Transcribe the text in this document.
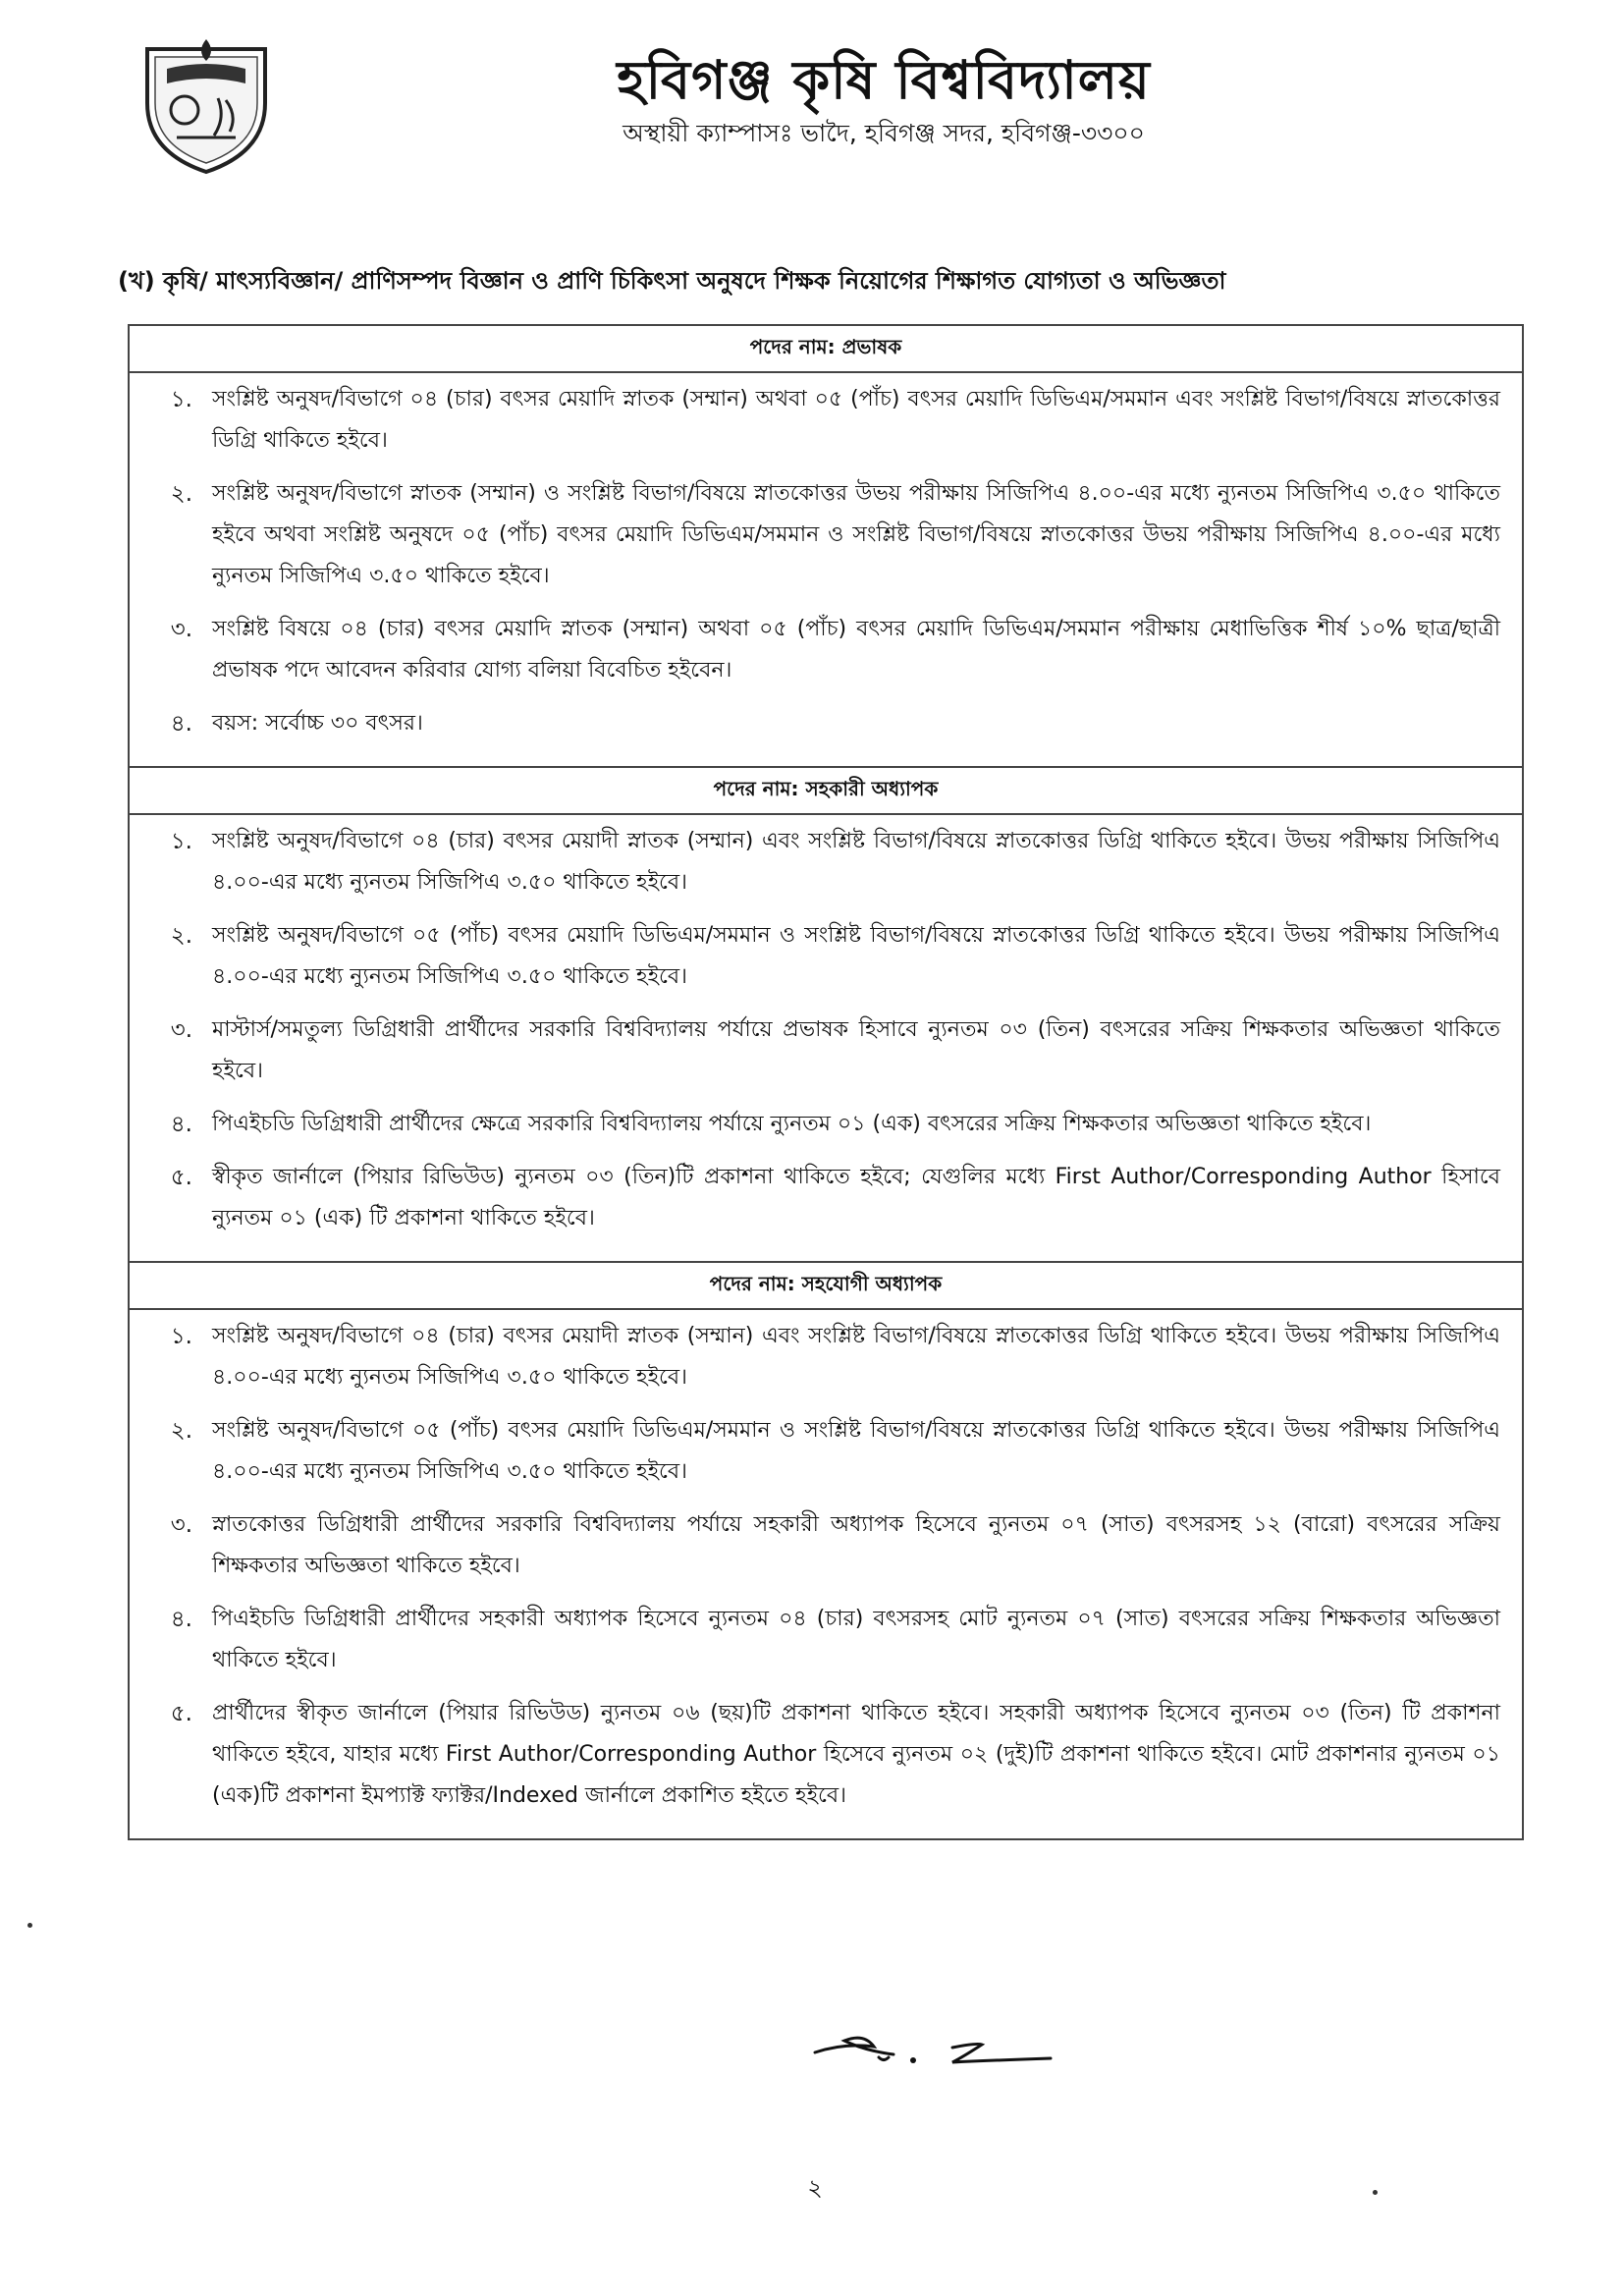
হবিগঞ্জ কৃষি বিশ্ববিদ্যালয়
অস্থায়ী ক্যাম্পাসঃ ভাদৈ, হবিগঞ্জ সদর, হবিগঞ্জ-৩৩০০
(খ) কৃষি/ মাৎস্যবিজ্ঞান/ প্রাণিসম্পদ বিজ্ঞান ও প্রাণি চিকিৎসা অনুষদে শিক্ষক নিয়োগের শিক্ষাগত যোগ্যতা ও অভিজ্ঞতা
পদের নাম: প্রভাষক
১. সংশ্লিষ্ট অনুষদ/বিভাগে ০৪ (চার) বৎসর মেয়াদি স্নাতক (সম্মান) অথবা ০৫ (পাঁচ) বৎসর মেয়াদি ডিভিএম/সমমান এবং সংশ্লিষ্ট বিভাগ/বিষয়ে স্নাতকোত্তর ডিগ্রি থাকিতে হইবে।
২. সংশ্লিষ্ট অনুষদ/বিভাগে স্নাতক (সম্মান) ও সংশ্লিষ্ট বিভাগ/বিষয়ে স্নাতকোত্তর উভয় পরীক্ষায় সিজিপিএ ৪.০০-এর মধ্যে ন্যুনতম সিজিপিএ ৩.৫০ থাকিতে হইবে অথবা সংশ্লিষ্ট অনুষদে ০৫ (পাঁচ) বৎসর মেয়াদি ডিভিএম/সমমান ও সংশ্লিষ্ট বিভাগ/বিষয়ে স্নাতকোত্তর উভয় পরীক্ষায় সিজিপিএ ৪.০০-এর মধ্যে ন্যুনতম সিজিপিএ ৩.৫০ থাকিতে হইবে।
৩. সংশ্লিষ্ট বিষয়ে ০৪ (চার) বৎসর মেয়াদি স্নাতক (সম্মান) অথবা ০৫ (পাঁচ) বৎসর মেয়াদি ডিভিএম/সমমান পরীক্ষায় মেধাভিত্তিক শীর্ষ ১০% ছাত্র/ছাত্রী প্রভাষক পদে আবেদন করিবার যোগ্য বলিয়া বিবেচিত হইবেন।
৪. বয়স: সর্বোচ্চ ৩০ বৎসর।
পদের নাম: সহকারী অধ্যাপক
১. সংশ্লিষ্ট অনুষদ/বিভাগে ০৪ (চার) বৎসর মেয়াদী স্নাতক (সম্মান) এবং সংশ্লিষ্ট বিভাগ/বিষয়ে স্নাতকোত্তর ডিগ্রি থাকিতে হইবে। উভয় পরীক্ষায় সিজিপিএ ৪.০০-এর মধ্যে ন্যুনতম সিজিপিএ ৩.৫০ থাকিতে হইবে।
২. সংশ্লিষ্ট অনুষদ/বিভাগে ০৫ (পাঁচ) বৎসর মেয়াদি ডিভিএম/সমমান ও সংশ্লিষ্ট বিভাগ/বিষয়ে স্নাতকোত্তর ডিগ্রি থাকিতে হইবে। উভয় পরীক্ষায় সিজিপিএ ৪.০০-এর মধ্যে ন্যুনতম সিজিপিএ ৩.৫০ থাকিতে হইবে।
৩. মাস্টার্স/সমতুল্য ডিগ্রিধারী প্রার্থীদের সরকারি বিশ্ববিদ্যালয় পর্যায়ে প্রভাষক হিসাবে ন্যুনতম ০৩ (তিন) বৎসরের সক্রিয় শিক্ষকতার অভিজ্ঞতা থাকিতে হইবে।
৪. পিএইচডি ডিগ্রিধারী প্রার্থীদের ক্ষেত্রে সরকারি বিশ্ববিদ্যালয় পর্যায়ে ন্যুনতম ০১ (এক) বৎসরের সক্রিয় শিক্ষকতার অভিজ্ঞতা থাকিতে হইবে।
৫. স্বীকৃত জার্নালে (পিয়ার রিভিউড) ন্যুনতম ০৩ (তিন)টি প্রকাশনা থাকিতে হইবে; যেগুলির মধ্যে First Author/Corresponding Author হিসাবে ন্যুনতম ০১ (এক) টি প্রকাশনা থাকিতে হইবে।
পদের নাম: সহযোগী অধ্যাপক
১. সংশ্লিষ্ট অনুষদ/বিভাগে ০৪ (চার) বৎসর মেয়াদী স্নাতক (সম্মান) এবং সংশ্লিষ্ট বিভাগ/বিষয়ে স্নাতকোত্তর ডিগ্রি থাকিতে হইবে। উভয় পরীক্ষায় সিজিপিএ ৪.০০-এর মধ্যে ন্যুনতম সিজিপিএ ৩.৫০ থাকিতে হইবে।
২. সংশ্লিষ্ট অনুষদ/বিভাগে ০৫ (পাঁচ) বৎসর মেয়াদি ডিভিএম/সমমান ও সংশ্লিষ্ট বিভাগ/বিষয়ে স্নাতকোত্তর ডিগ্রি থাকিতে হইবে। উভয় পরীক্ষায় সিজিপিএ ৪.০০-এর মধ্যে ন্যুনতম সিজিপিএ ৩.৫০ থাকিতে হইবে।
৩. স্নাতকোত্তর ডিগ্রিধারী প্রার্থীদের সরকারি বিশ্ববিদ্যালয় পর্যায়ে সহকারী অধ্যাপক হিসেবে ন্যুনতম ০৭ (সাত) বৎসরসহ ১২ (বারো) বৎসরের সক্রিয় শিক্ষকতার অভিজ্ঞতা থাকিতে হইবে।
৪. পিএইচডি ডিগ্রিধারী প্রার্থীদের সহকারী অধ্যাপক হিসেবে ন্যুনতম ০৪ (চার) বৎসরসহ মোট ন্যুনতম ০৭ (সাত) বৎসরের সক্রিয় শিক্ষকতার অভিজ্ঞতা থাকিতে হইবে।
৫. প্রার্থীদের স্বীকৃত জার্নালে (পিয়ার রিভিউড) ন্যুনতম ০৬ (ছয়)টি প্রকাশনা থাকিতে হইবে। সহকারী অধ্যাপক হিসেবে ন্যুনতম ০৩ (তিন) টি প্রকাশনা থাকিতে হইবে, যাহার মধ্যে First Author/Corresponding Author হিসেবে ন্যুনতম ০২ (দুই)টি প্রকাশনা থাকিতে হইবে। মোট প্রকাশনার ন্যুনতম ০১ (এক)টি প্রকাশনা ইমপ্যাক্ট ফ্যাক্টর/Indexed জার্নালে প্রকাশিত হইতে হইবে।
২
